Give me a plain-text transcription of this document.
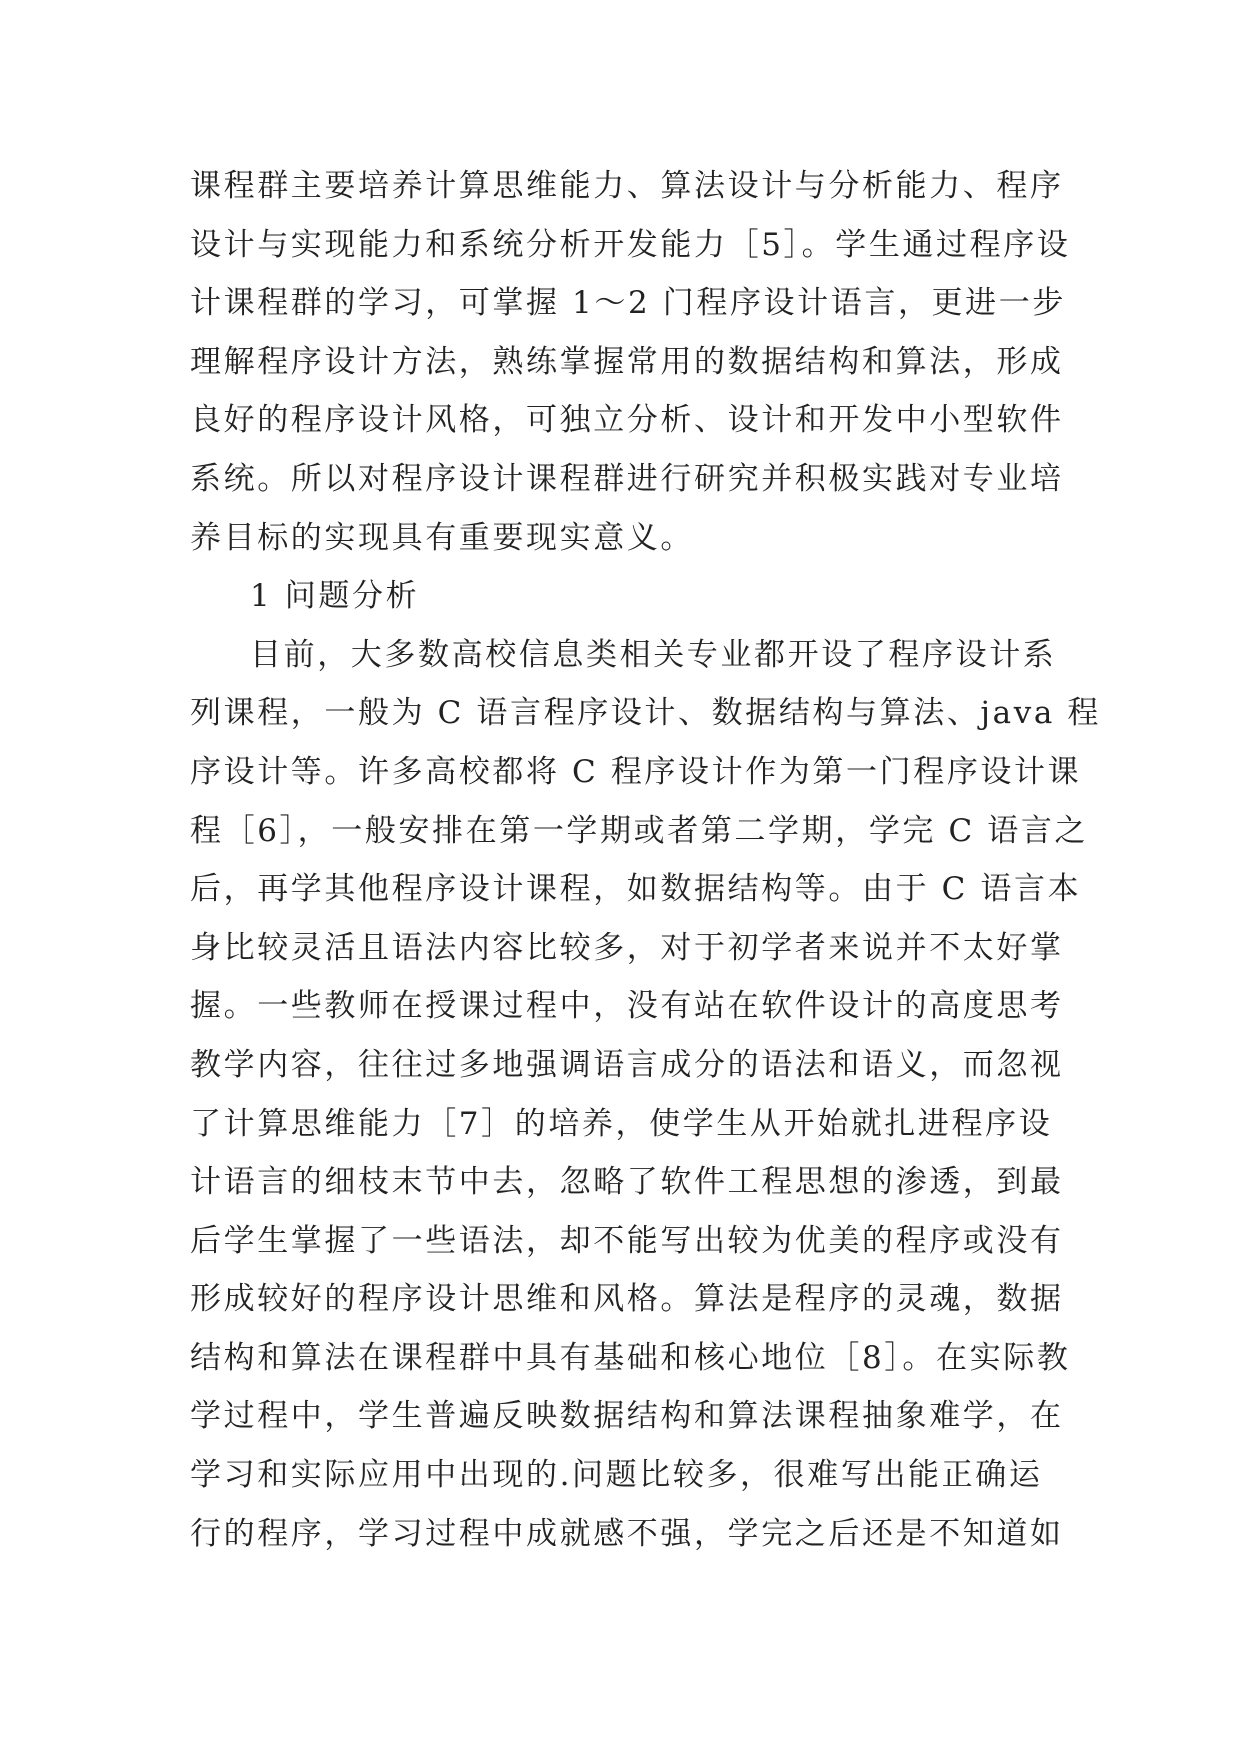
课程群主要培养计算思维能力、算法设计与分析能力、程序
设计与实现能力和系统分析开发能力［5］。学生通过程序设
计课程群的学习，可掌握 1～2 门程序设计语言，更进一步
理解程序设计方法，熟练掌握常用的数据结构和算法，形成
良好的程序设计风格，可独立分析、设计和开发中小型软件
系统。所以对程序设计课程群进行研究并积极实践对专业培
养目标的实现具有重要现实意义。
1 问题分析
目前，大多数高校信息类相关专业都开设了程序设计系
列课程，一般为 C 语言程序设计、数据结构与算法、java 程
序设计等。许多高校都将 C 程序设计作为第一门程序设计课
程［6］，一般安排在第一学期或者第二学期，学完 C 语言之
后，再学其他程序设计课程，如数据结构等。由于 C 语言本
身比较灵活且语法内容比较多，对于初学者来说并不太好掌
握。一些教师在授课过程中，没有站在软件设计的高度思考
教学内容，往往过多地强调语言成分的语法和语义，而忽视
了计算思维能力［7］的培养，使学生从开始就扎进程序设
计语言的细枝末节中去，忽略了软件工程思想的渗透，到最
后学生掌握了一些语法，却不能写出较为优美的程序或没有
形成较好的程序设计思维和风格。算法是程序的灵魂，数据
结构和算法在课程群中具有基础和核心地位［8］。在实际教
学过程中，学生普遍反映数据结构和算法课程抽象难学，在
学习和实际应用中出现的.问题比较多，很难写出能正确运
行的程序，学习过程中成就感不强，学完之后还是不知道如
